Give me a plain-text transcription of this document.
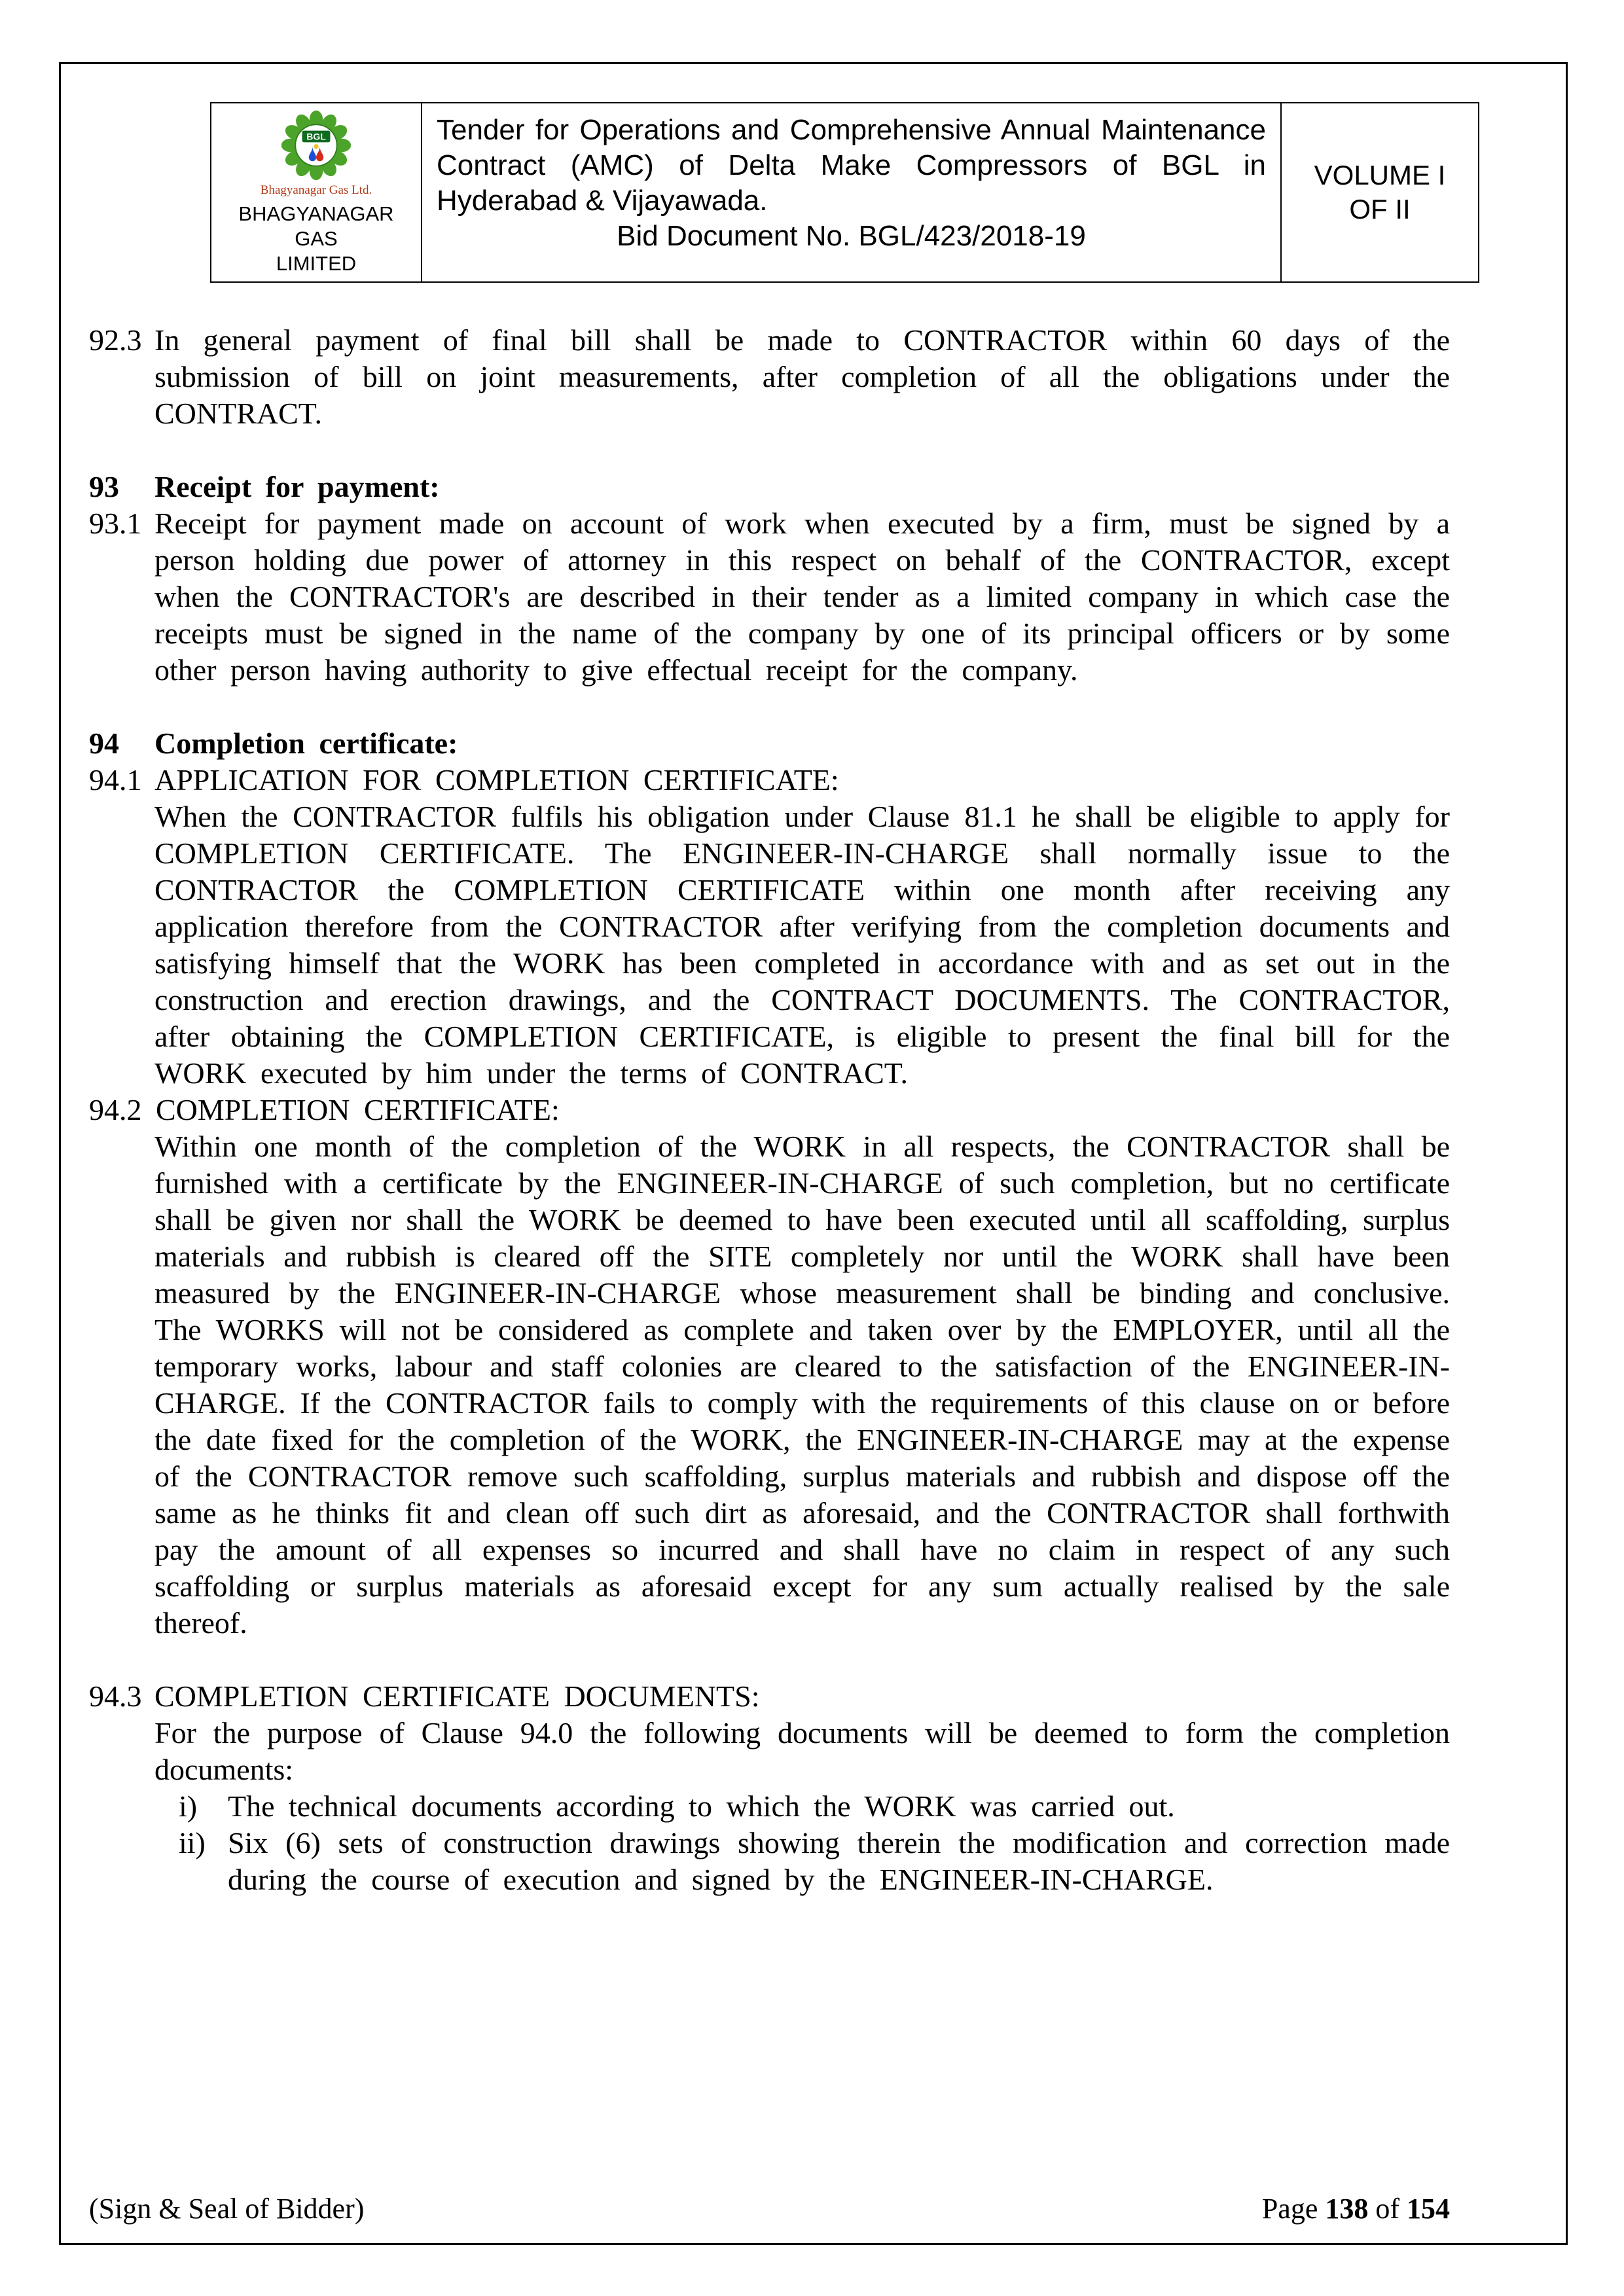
BGL
Bhagyanagar Gas Ltd.
BHAGYANAGAR GAS
LIMITED
Tender for Operations and Comprehensive Annual Maintenance Contract (AMC) of Delta Make Compressors of BGL in Hyderabad & Vijayawada.
Bid Document No. BGL/423/2018-19
VOLUME I
OF II
92.3 In general payment of final bill shall be made to CONTRACTOR within 60 days of the submission of bill on joint measurements, after completion of all the obligations under the CONTRACT.

93 Receipt for payment:

93.1 Receipt for payment made on account of work when executed by a firm, must be signed by a person holding due power of attorney in this respect on behalf of the CONTRACTOR, except when the CONTRACTOR's are described in their tender as a limited company in which case the receipts must be signed in the name of the company by one of its principal officers or by some other person having authority to give effectual receipt for the company.

94 Completion certificate:

94.1 APPLICATION FOR COMPLETION CERTIFICATE:

When the CONTRACTOR fulfils his obligation under Clause 81.1 he shall be eligible to apply for COMPLETION CERTIFICATE. The ENGINEER-IN-CHARGE shall normally issue to the CONTRACTOR the COMPLETION CERTIFICATE within one month after receiving any application therefore from the CONTRACTOR after verifying from the completion documents and satisfying himself that the WORK has been completed in accordance with and as set out in the construction and erection drawings, and the CONTRACT DOCUMENTS. The CONTRACTOR, after obtaining the COMPLETION CERTIFICATE, is eligible to present the final bill for the WORK executed by him under the terms of CONTRACT.

94.2 COMPLETION CERTIFICATE:

Within one month of the completion of the WORK in all respects, the CONTRACTOR shall be furnished with a certificate by the ENGINEER-IN-CHARGE of such completion, but no certificate shall be given nor shall the WORK be deemed to have been executed until all scaffolding, surplus materials and rubbish is cleared off the SITE completely nor until the WORK shall have been measured by the ENGINEER-IN-CHARGE whose measurement shall be binding and conclusive. The WORKS will not be considered as complete and taken over by the EMPLOYER, until all the temporary works, labour and staff colonies are cleared to the satisfaction of the ENGINEER-IN-CHARGE. If the CONTRACTOR fails to comply with the requirements of this clause on or before the date fixed for the completion of the WORK, the ENGINEER-IN-CHARGE may at the expense of the CONTRACTOR remove such scaffolding, surplus materials and rubbish and dispose off the same as he thinks fit and clean off such dirt as aforesaid, and the CONTRACTOR shall forthwith pay the amount of all expenses so incurred and shall have no claim in respect of any such scaffolding or surplus materials as aforesaid except for any sum actually realised by the sale thereof.

94.3 COMPLETION CERTIFICATE DOCUMENTS:

For the purpose of Clause 94.0 the following documents will be deemed to form the completion documents:

i) The technical documents according to which the WORK was carried out.

ii) Six (6) sets of construction drawings showing therein the modification and correction made during the course of execution and signed by the ENGINEER-IN-CHARGE.

(Sign & Seal of Bidder)	Page 138 of 154
